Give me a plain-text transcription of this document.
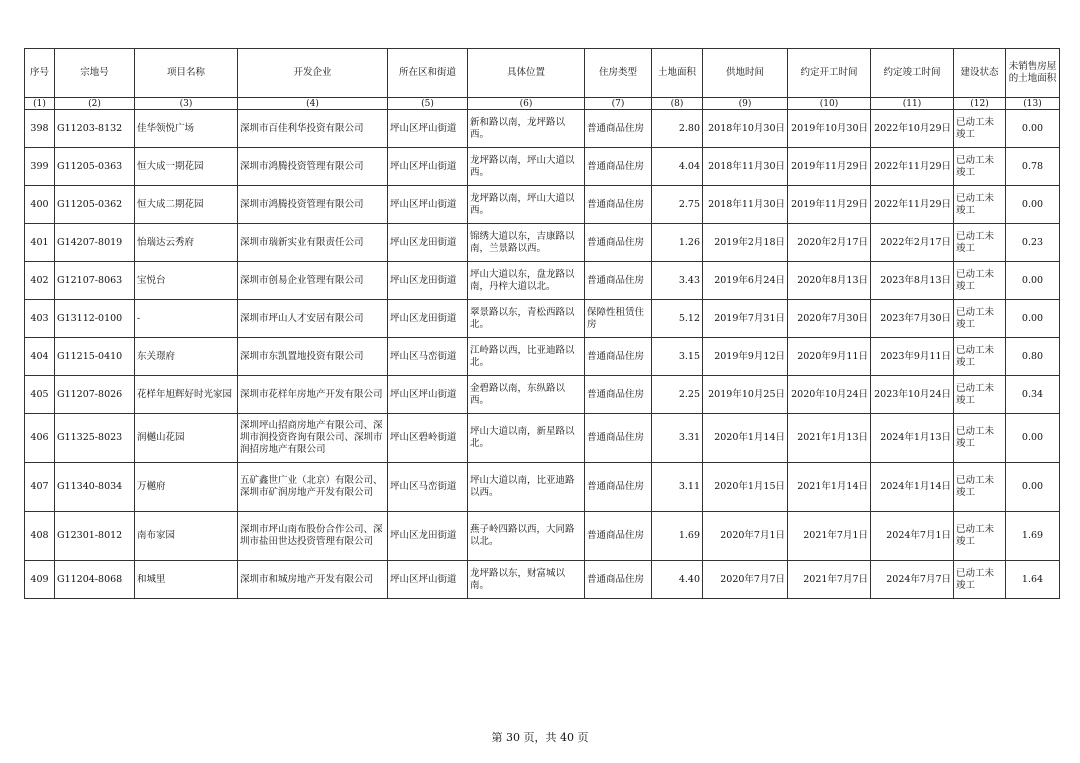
序号	宗地号	项目名称	开发企业	所在区和街道	具体位置	住房类型	土地面积	供地时间	约定开工时间	约定竣工时间	建设状态	未销售房屋的土地面积
(1)	(2)	(3)	(4)	(5)	(6)	(7)	(8)	(9)	(10)	(11)	(12)	(13)
398	G11203-8132	佳华领悦广场	深圳市百佳利华投资有限公司	坪山区坪山街道	新和路以南，龙坪路以西。	普通商品住房	2.80	2018年10月30日	2019年10月30日	2022年10月29日	已动工未竣工	0.00
399	G11205-0363	恒大成一期花园	深圳市鸿腾投资管理有限公司	坪山区坪山街道	龙坪路以南，坪山大道以西。	普通商品住房	4.04	2018年11月30日	2019年11月29日	2022年11月29日	已动工未竣工	0.78
400	G11205-0362	恒大成二期花园	深圳市鸿腾投资管理有限公司	坪山区坪山街道	龙坪路以南，坪山大道以西。	普通商品住房	2.75	2018年11月30日	2019年11月29日	2022年11月29日	已动工未竣工	0.00
401	G14207-8019	怡瑞达云秀府	深圳市瑞新实业有限责任公司	坪山区龙田街道	锦绣大道以东，吉康路以南，兰景路以西。	普通商品住房	1.26	2019年2月18日	2020年2月17日	2022年2月17日	已动工未竣工	0.23
402	G12107-8063	宝悦台	深圳市创易企业管理有限公司	坪山区龙田街道	坪山大道以东，盘龙路以南，丹梓大道以北。	普通商品住房	3.43	2019年6月24日	2020年8月13日	2023年8月13日	已动工未竣工	0.00
403	G13112-0100	-	深圳市坪山人才安居有限公司	坪山区龙田街道	翠景路以东，青松西路以北。	保障性租赁住房	5.12	2019年7月31日	2020年7月30日	2023年7月30日	已动工未竣工	0.00
404	G11215-0410	东关璟府	深圳市东凯置地投资有限公司	坪山区马峦街道	江岭路以西，比亚迪路以北。	普通商品住房	3.15	2019年9月12日	2020年9月11日	2023年9月11日	已动工未竣工	0.80
405	G11207-8026	花样年旭辉好时光家园	深圳市花样年房地产开发有限公司	坪山区坪山街道	金碧路以南，东纵路以西。	普通商品住房	2.25	2019年10月25日	2020年10月24日	2023年10月24日	已动工未竣工	0.34
406	G11325-8023	润樾山花园	深圳坪山招商房地产有限公司、深圳市润投资咨询有限公司、深圳市润招房地产有限公司	坪山区碧岭街道	坪山大道以南，新星路以北。	普通商品住房	3.31	2020年1月14日	2021年1月13日	2024年1月13日	已动工未竣工	0.00
407	G11340-8034	万樾府	五矿鑫世广业（北京）有限公司、深圳市矿润房地产开发有限公司	坪山区马峦街道	坪山大道以南，比亚迪路以西。	普通商品住房	3.11	2020年1月15日	2021年1月14日	2024年1月14日	已动工未竣工	0.00
408	G12301-8012	南布家园	深圳市坪山南布股份合作公司、深圳市盐田世达投资管理有限公司	坪山区龙田街道	燕子岭四路以西，大同路以北。	普通商品住房	1.69	2020年7月1日	2021年7月1日	2024年7月1日	已动工未竣工	1.69
409	G11204-8068	和城里	深圳市和城房地产开发有限公司	坪山区坪山街道	龙坪路以东，财富城以南。	普通商品住房	4.40	2020年7月7日	2021年7月7日	2024年7月7日	已动工未竣工	1.64
第 30 页，共 40 页
